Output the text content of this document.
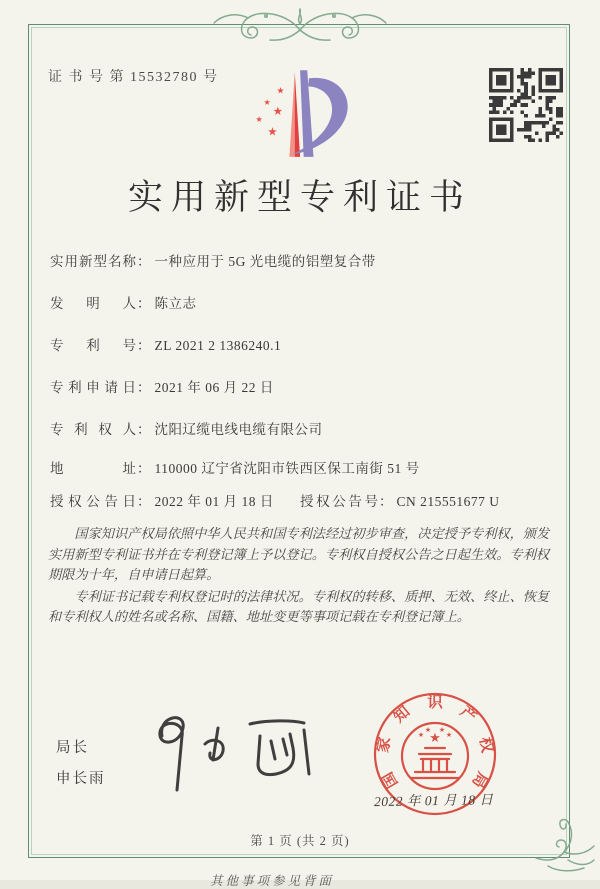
证 书 号 第 15532780 号
★
★
★
★
★
实用新型专利证书
实用新型名称： 一种应用于 5G 光电缆的铝塑复合带
发明人： 陈立志
专利号： ZL 2021 2 1386240.1
专利申请日： 2021 年 06 月 22 日
专利权人： 沈阳辽缆电线电缆有限公司
地址： 110000 辽宁省沈阳市铁西区保工南街 51 号
授权公告日： 2022 年 01 月 18 日 授权公告号： CN 215551677 U

国家知识产权局依照中华人民共和国专利法经过初步审查，决定授予专利权，颁发实用新型专利证书并在专利登记簿上予以登记。专利权自授权公告之日起生效。专利权期限为十年，自申请日起算。

专利证书记载专利权登记时的法律状况。专利权的转移、质押、无效、终止、恢复和专利权人的姓名或名称、国籍、地址变更等事项记载在专利登记簿上。

局长
申长雨
★
★
★ ★
★
国
家
知
识
产
权
局
2022 年 01 月 18 日
第 1 页 (共 2 页)
其他事项参见背面
